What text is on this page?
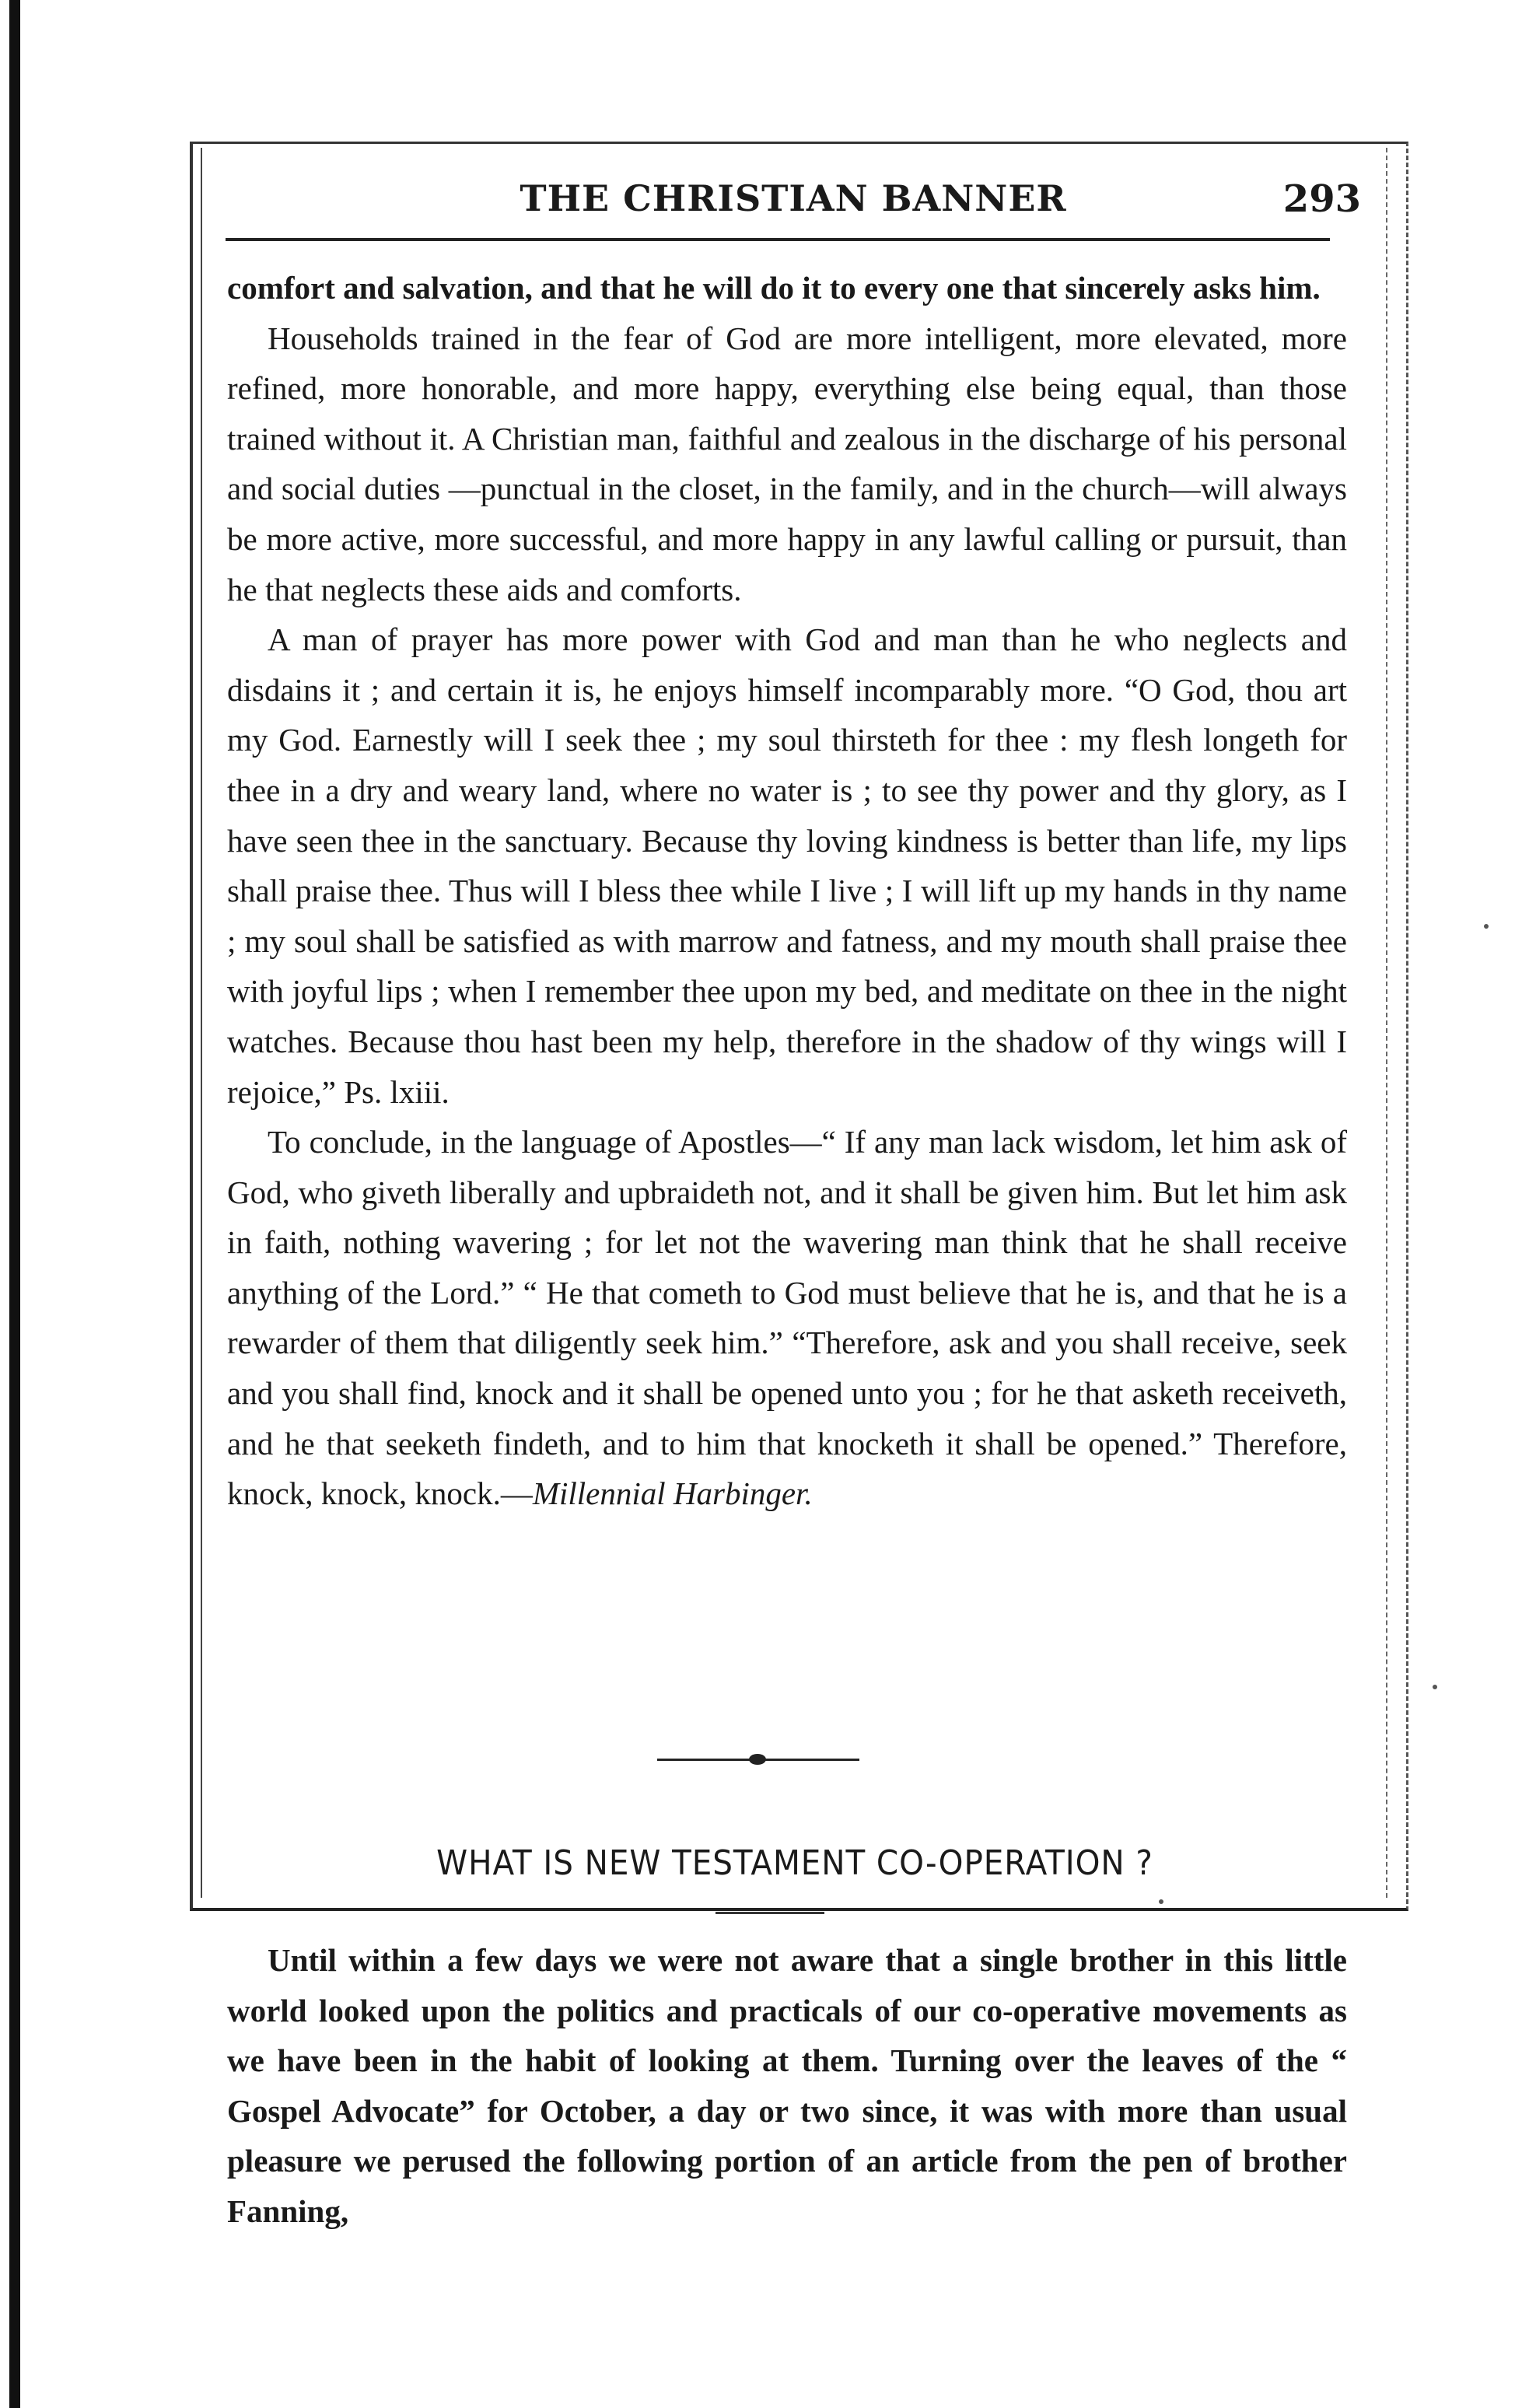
THE CHRISTIAN BANNER	293

comfort and salvation, and that he will do it to every one that sincerely asks him.

Households trained in the fear of God are more intelligent, more elevated, more refined, more honorable, and more happy, everything else being equal, than those trained without it. A Christian man, faithful and zealous in the discharge of his personal and social duties —punctual in the closet, in the family, and in the church—will always be more active, more successful, and more happy in any lawful calling or pursuit, than he that neglects these aids and comforts.

A man of prayer has more power with God and man than he who neglects and disdains it ; and certain it is, he enjoys himself incomparably more. “O God, thou art my God. Earnestly will I seek thee ; my soul thirsteth for thee : my flesh longeth for thee in a dry and weary land, where no water is ; to see thy power and thy glory, as I have seen thee in the sanctuary. Because thy loving kindness is better than life, my lips shall praise thee. Thus will I bless thee while I live ; I will lift up my hands in thy name ; my soul shall be satisfied as with marrow and fatness, and my mouth shall praise thee with joyful lips ; when I remember thee upon my bed, and meditate on thee in the night watches. Because thou hast been my help, therefore in the shadow of thy wings will I rejoice,” Ps. lxiii.

To conclude, in the language of Apostles—“ If any man lack wisdom, let him ask of God, who giveth liberally and upbraideth not, and it shall be given him. But let him ask in faith, nothing wavering ; for let not the wavering man think that he shall receive anything of the Lord.” “ He that cometh to God must believe that he is, and that he is a rewarder of them that diligently seek him.” “Therefore, ask and you shall receive, seek and you shall find, knock and it shall be opened unto you ; for he that asketh receiveth, and he that seeketh findeth, and to him that knocketh it shall be opened.” Therefore, knock, knock, knock.—Millennial Harbinger.

WHAT IS NEW TESTAMENT CO-OPERATION ?

Until within a few days we were not aware that a single brother in this little world looked upon the politics and practicals of our co-operative movements as we have been in the habit of looking at them. Turning over the leaves of the “ Gospel Advocate” for October, a day or two since, it was with more than usual pleasure we perused the following portion of an article from the pen of brother Fanning,
